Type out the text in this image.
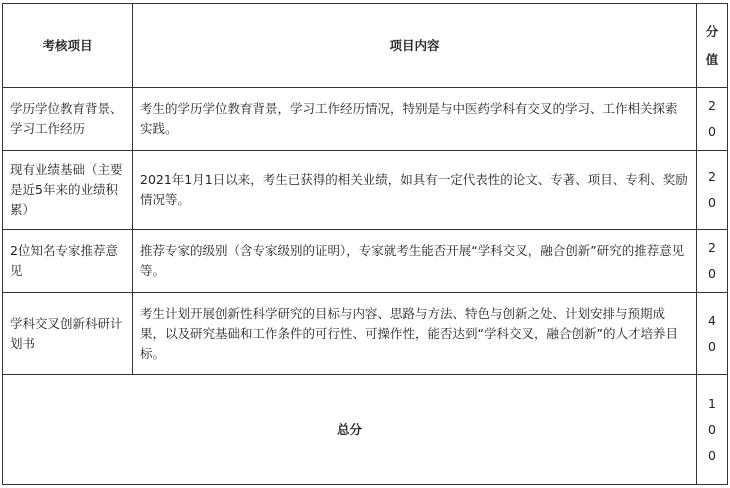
考核项目	项目内容	分值
学历学位教育背景、学习工作经历	考生的学历学位教育背景，学习工作经历情况，特别是与中医药学科有交叉的学习、工作相关探索实践。	20
现有业绩基础（主要是近5年来的业绩积累）	2021年1月1日以来，考生已获得的相关业绩，如具有一定代表性的论文、专著、项目、专利、奖励情况等。	20
2位知名专家推荐意见	推荐专家的级别（含专家级别的证明），专家就考生能否开展“学科交叉，融合创新”研究的推荐意见等。	20
学科交叉创新科研计划书	考生计划开展创新性科学研究的目标与内容、思路与方法、特色与创新之处、计划安排与预期成果，以及研究基础和工作条件的可行性、可操作性，能否达到“学科交叉，融合创新”的人才培养目标。	40
总分		100
